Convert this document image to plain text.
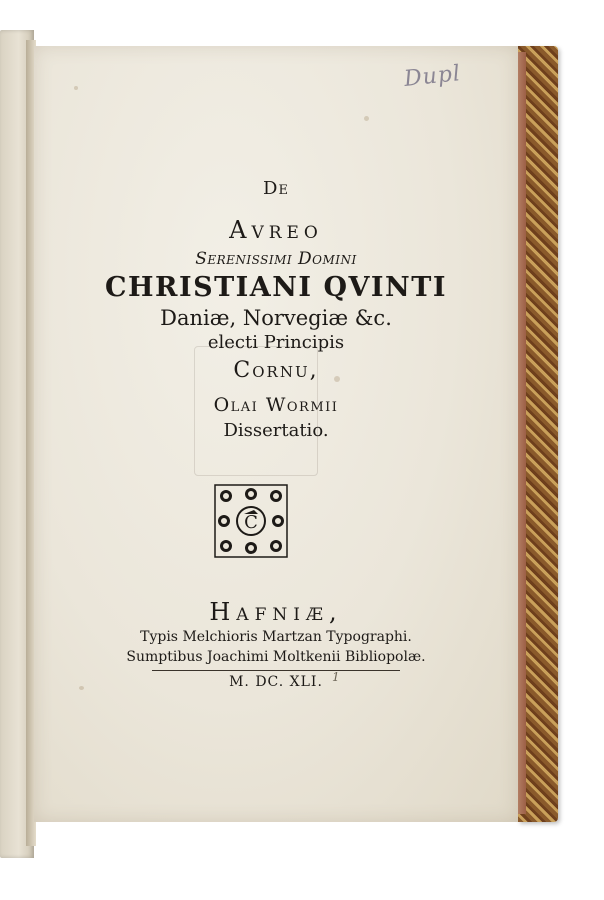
Dupl
De
Avreo
Serenissimi Domini
CHRISTIANI QVINTI
Daniæ, Norvegiæ &c.
electi Principis
Cornu,
Olai Wormii
Dissertatio.
C
Hafniæ,
Typis Melchioris Martzan Typographi.
Sumptibus Joachimi Moltkenii Bibliopolæ.
M. DC. XLI. 1
